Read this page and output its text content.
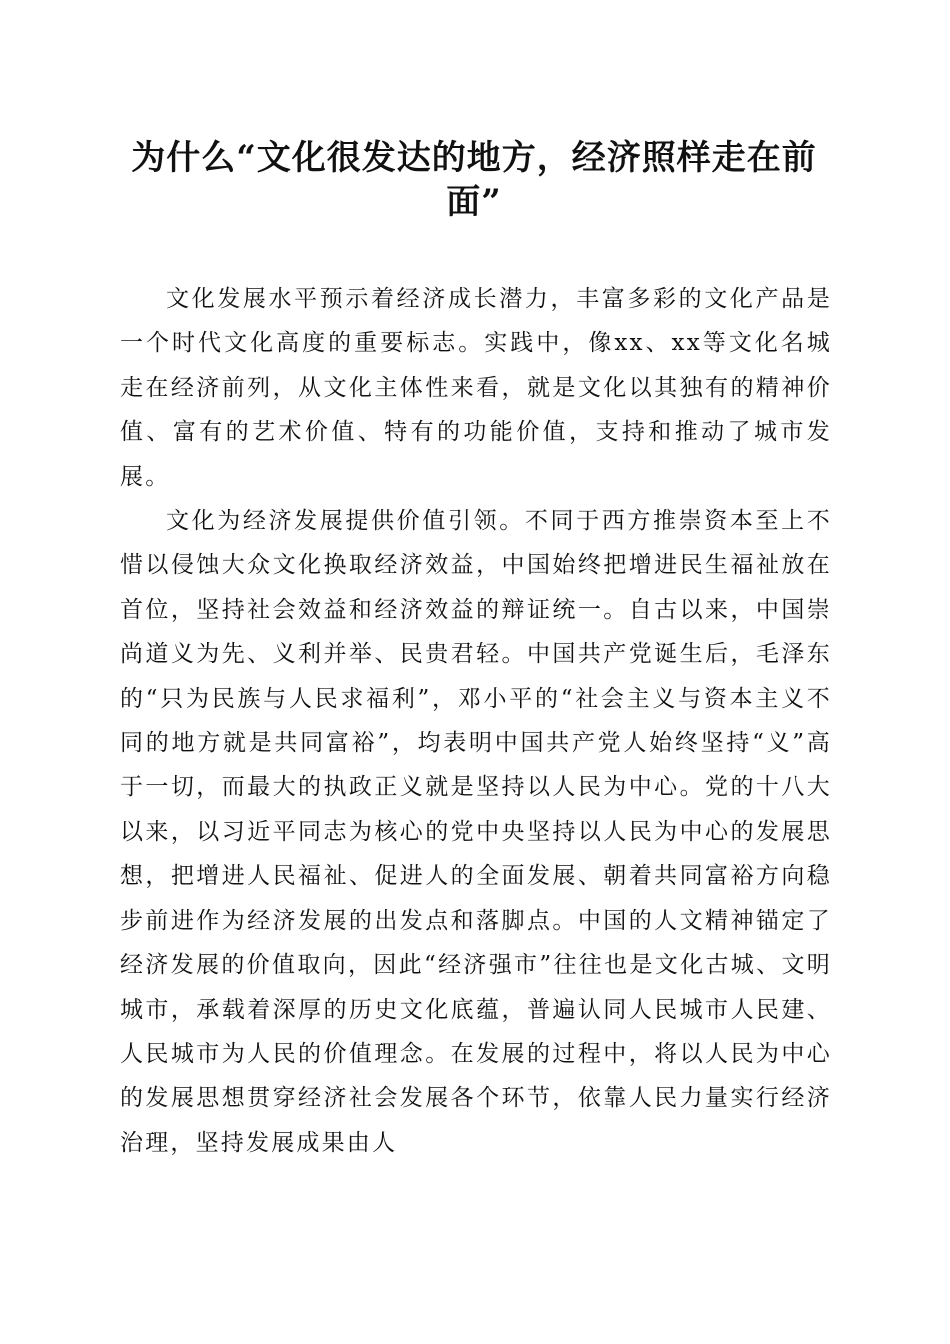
为什么“文化很发达的地方，经济照样走在前面”

文化发展水平预示着经济成长潜力，丰富多彩的文化产品是一个时代文化高度的重要标志。实践中，像xx、xx等文化名城走在经济前列，从文化主体性来看，就是文化以其独有的精神价值、富有的艺术价值、特有的功能价值，支持和推动了城市发展。

文化为经济发展提供价值引领。不同于西方推崇资本至上不惜以侵蚀大众文化换取经济效益，中国始终把增进民生福祉放在首位，坚持社会效益和经济效益的辩证统一。自古以来，中国崇尚道义为先、义利并举、民贵君轻。中国共产党诞生后，毛泽东的“只为民族与人民求福利”，邓小平的“社会主义与资本主义不同的地方就是共同富裕”，均表明中国共产党人始终坚持“义”高于一切，而最大的执政正义就是坚持以人民为中心。党的十八大以来，以习近平同志为核心的党中央坚持以人民为中心的发展思想，把增进人民福祉、促进人的全面发展、朝着共同富裕方向稳步前进作为经济发展的出发点和落脚点。中国的人文精神锚定了经济发展的价值取向，因此“经济强市”往往也是文化古城、文明城市，承载着深厚的历史文化底蕴，普遍认同人民城市人民建、人民城市为人民的价值理念。在发展的过程中，将以人民为中心的发展思想贯穿经济社会发展各个环节，依靠人民力量实行经济治理，坚持发展成果由人
